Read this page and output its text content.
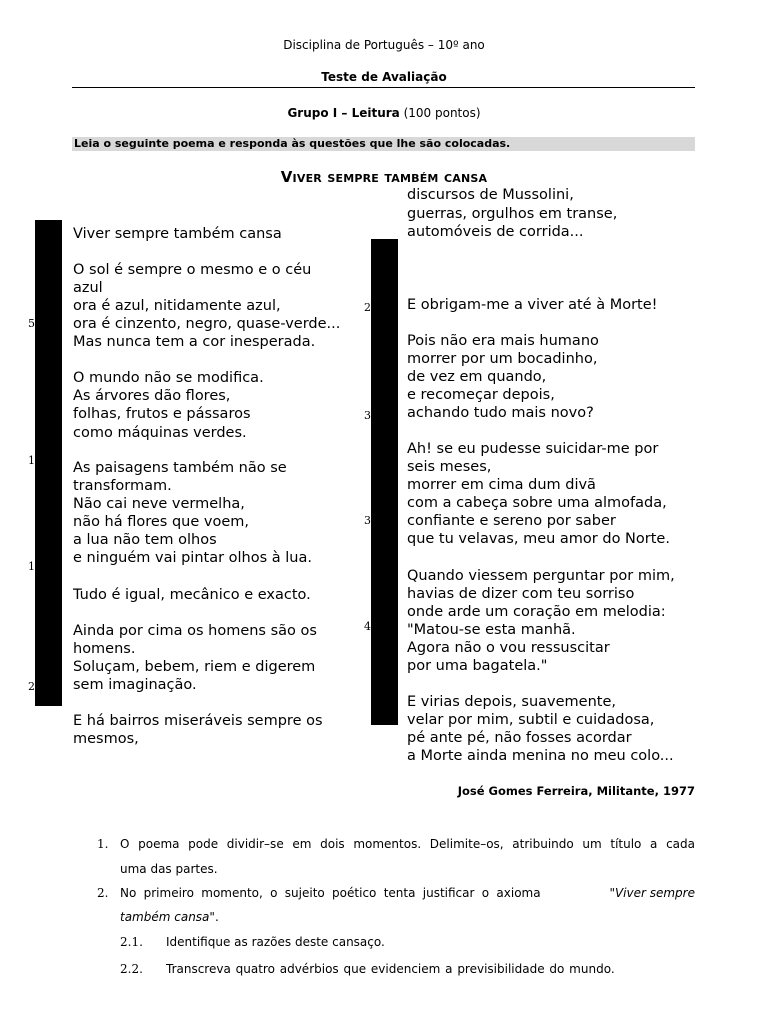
Disciplina de Português – 10º ano
Teste de Avaliação
Grupo I – Leitura (100 pontos)
Leia o seguinte poema e responda às questões que lhe são colocadas.
Viver sempre também cansa
Viver sempre também cansa
O sol é sempre o mesmo e o céu
azul
ora é azul, nitidamente azul,
ora é cinzento, negro, quase-verde...
Mas nunca tem a cor inesperada.
O mundo não se modifica.
As árvores dão flores,
folhas, frutos e pássaros
como máquinas verdes.
As paisagens também não se
transformam.
Não cai neve vermelha,
não há flores que voem,
a lua não tem olhos
e ninguém vai pintar olhos à lua.
Tudo é igual, mecânico e exacto.
Ainda por cima os homens são os
homens.
Soluçam, bebem, riem e digerem
sem imaginação.
E há bairros miseráveis sempre os
mesmos,
5
1
1
2
discursos de Mussolini,
guerras, orgulhos em transe,
automóveis de corrida...
E obrigam-me a viver até à Morte!
Pois não era mais humano
morrer por um bocadinho,
de vez em quando,
e recomeçar depois,
achando tudo mais novo?
Ah! se eu pudesse suicidar-me por
seis meses,
morrer em cima dum divã
com a cabeça sobre uma almofada,
confiante e sereno por saber
que tu velavas, meu amor do Norte.
Quando viessem perguntar por mim,
havias de dizer com teu sorriso
onde arde um coração em melodia:
"Matou-se esta manhã.
Agora não o vou ressuscitar
por uma bagatela."
E virias depois, suavemente,
velar por mim, subtil e cuidadosa,
pé ante pé, não fosses acordar
a Morte ainda menina no meu colo...
2
3
3
4
José Gomes Ferreira, Militante, 1977
1. O poema pode dividir–se em dois momentos. Delimite–os, atribuindo um título a cada
uma das partes.
2. No primeiro momento, o sujeito poético tenta justificar o axioma	"Viver sempre
também cansa".
2.1. Identifique as razões deste cansaço.
2.2. Transcreva quatro advérbios que evidenciem a previsibilidade do mundo.
